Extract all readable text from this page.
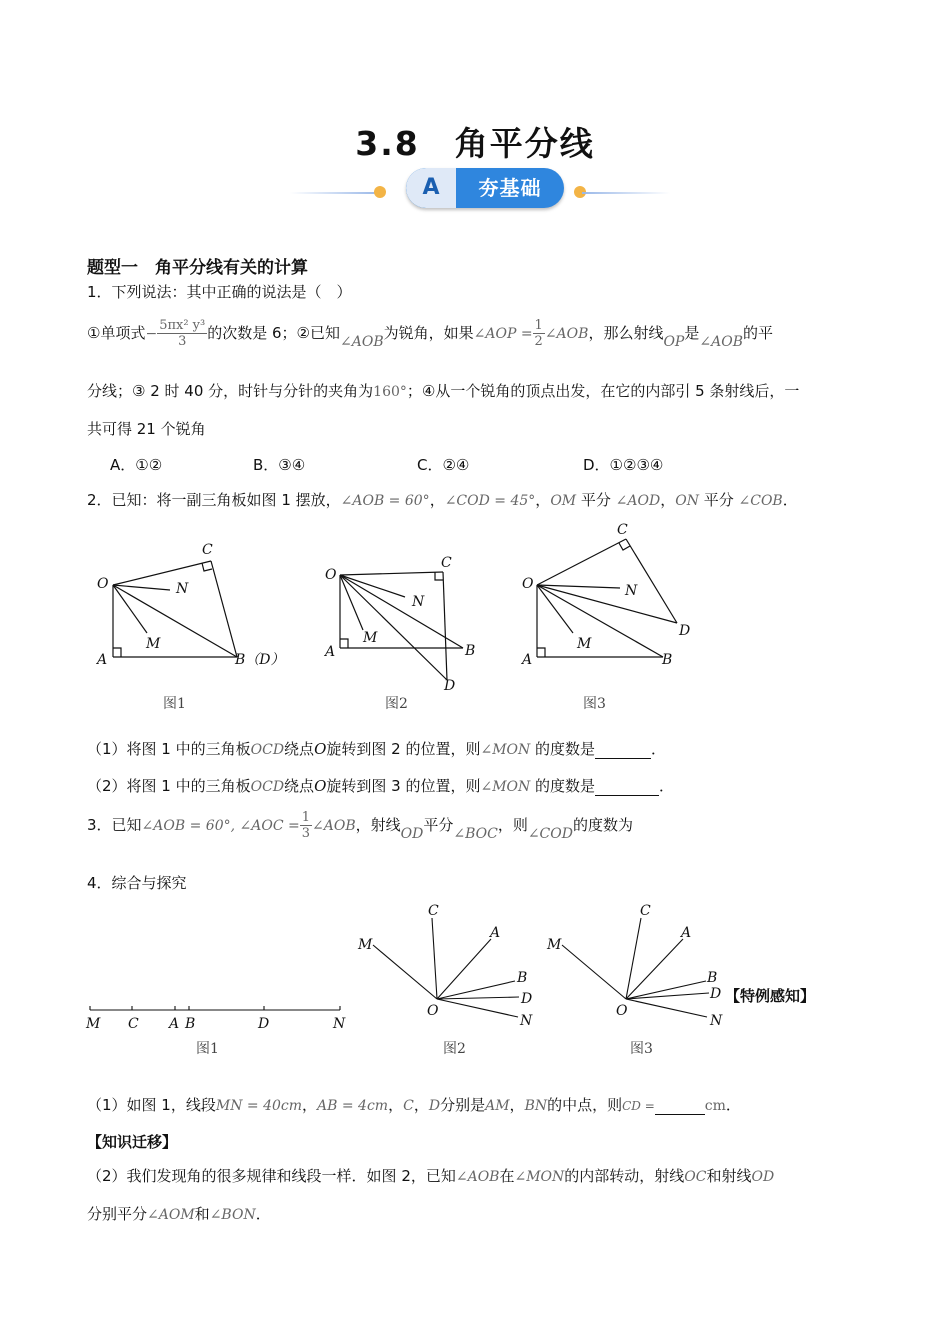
3.8　角平分线
A	夯基础
题型一　角平分线有关的计算
1．下列说法：其中正确的说法是（　）
①单项式− $\frac{\text{5πx² y³}}{3}$ 的次数是 6；②已知∠AOB为锐角，如果∠AOP = $\frac{1}{2}$ ∠AOB，那么射线OP是∠AOB的平
分线；③ 2 时 40 分，时针与分针的夹角为160°；④从一个锐角的顶点出发，在它的内部引 5 条射线后，一
共可得 21 个锐角
A．①②	B．③④	C．②④	D．①②③④
2．已知：将一副三角板如图 1 摆放，∠AOB = 60°，∠COD = 45°，OM 平分 ∠AOD，ON 平分 ∠COB．
O
A	B（D）
C
N
M
图1
O
A	B
C
D
N
M
图2
O
A	B
C
D
N
M
图3
（1）将图 1 中的三角板OCD绕点O旋转到图 2 的位置，则∠MON 的度数是	．
（2）将图 1 中的三角板OCD绕点O旋转到图 3 的位置，则∠MON 的度数是	．
3．已知∠AOB = 60°, ∠AOC = $\frac{1}{3}$ ∠AOB，射线OD平分∠BOC，则∠COD的度数为
4．综合与探究
M C A B	D	N
图1
M
C
A
B
D
N
O
图2
M
C
A
B
D
N
O
图3
【特例感知】
（1）如图 1，线段MN = 40cm，AB = 4cm，C，D分别是AM，BN的中点，则CD =	cm．
【知识迁移】
（2）我们发现角的很多规律和线段一样．如图 2，已知∠AOB在∠MON的内部转动，射线OC和射线OD
分别平分∠AOM和∠BON．
